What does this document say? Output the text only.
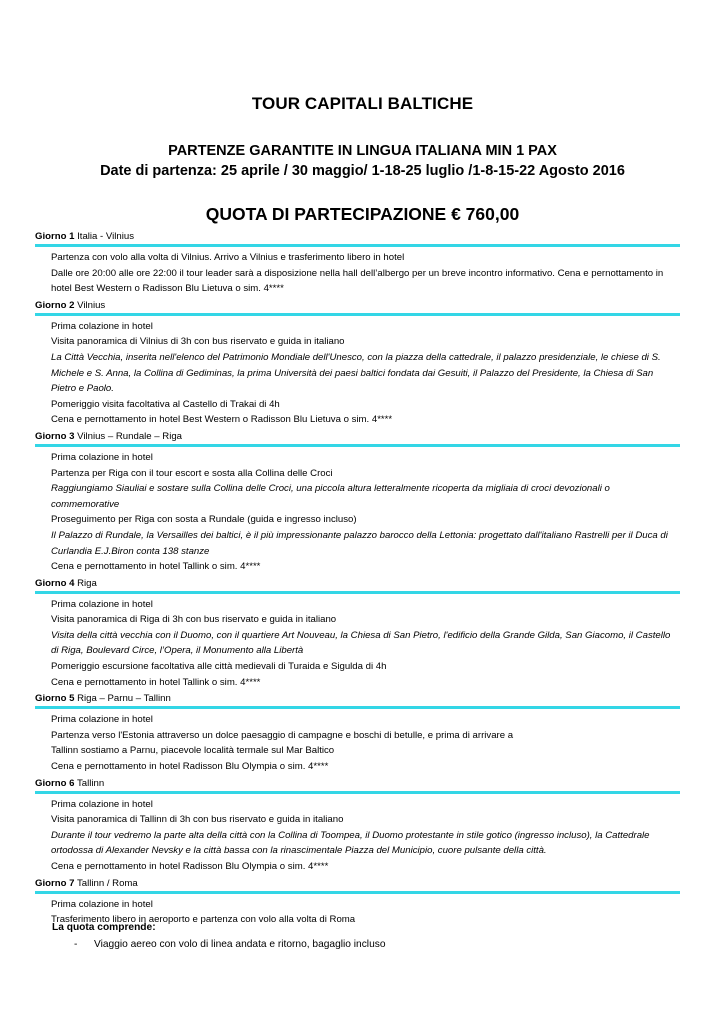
TOUR CAPITALI BALTICHE
PARTENZE GARANTITE IN LINGUA ITALIANA MIN 1 PAX
Date di partenza: 25 aprile / 30 maggio/ 1-18-25 luglio /1-8-15-22 Agosto 2016
QUOTA DI PARTECIPAZIONE € 760,00
Giorno 1 Italia - Vilnius
Partenza con volo alla volta di Vilnius. Arrivo a Vilnius e trasferimento libero in hotel
Dalle ore 20:00 alle ore 22:00 il tour leader sarà a disposizione nella hall dell’albergo per un breve incontro informativo. Cena e pernottamento in hotel Best Western o Radisson Blu Lietuva o sim. 4****
Giorno 2 Vilnius
Prima colazione in hotel
Visita panoramica di Vilnius di 3h con bus riservato e guida in italiano
La Città Vecchia, inserita nell'elenco del Patrimonio Mondiale dell'Unesco, con la piazza della cattedrale, il palazzo presidenziale, le chiese di S. Michele e S. Anna, la Collina di Gediminas, la prima Università dei paesi baltici fondata dai Gesuiti, il Palazzo del Presidente, la Chiesa di San Pietro e Paolo.
Pomeriggio visita facoltativa al Castello di Trakai di 4h
Cena e pernottamento in hotel Best Western o Radisson Blu Lietuva o sim. 4****
Giorno 3 Vilnius – Rundale – Riga
Prima colazione in hotel
Partenza per Riga con il tour escort e sosta alla Collina delle Croci
Raggiungiamo Siauliai e sostare sulla Collina delle Croci, una piccola altura letteralmente ricoperta da migliaia di croci devozionali o commemorative
Proseguimento per Riga con sosta a Rundale (guida e ingresso incluso)
Il Palazzo di Rundale, la Versailles dei baltici, è il più impressionante palazzo barocco della Lettonia: progettato dall'italiano Rastrelli per il Duca di Curlandia E.J.Biron conta 138 stanze
Cena e pernottamento in hotel Tallink o sim. 4****
Giorno 4 Riga
Prima colazione in hotel
Visita panoramica di Riga di 3h con bus riservato e guida in italiano
Visita della città vecchia con il Duomo, con il quartiere Art Nouveau, la Chiesa di San Pietro, l'edificio della Grande Gilda, San Giacomo, il Castello di Riga, Boulevard Circe, l’Opera, il Monumento alla Libertà
Pomeriggio escursione facoltativa alle città medievali di Turaida e Sigulda di 4h
Cena e pernottamento in hotel Tallink o sim. 4****
Giorno 5 Riga – Parnu – Tallinn
Prima colazione in hotel
Partenza verso l'Estonia attraverso un dolce paesaggio di campagne e boschi di betulle, e prima di arrivare a
Tallinn sostiamo a Parnu, piacevole località termale sul Mar Baltico
Cena e pernottamento in hotel Radisson Blu Olympia o sim. 4****
Giorno 6 Tallinn
Prima colazione in hotel
Visita panoramica di Tallinn di 3h con bus riservato e guida in italiano
Durante il tour vedremo la parte alta della città con la Collina di Toompea, il Duomo protestante in stile gotico (ingresso incluso), la Cattedrale ortodossa di Alexander Nevsky e la città bassa con la rinascimentale Piazza del Municipio, cuore pulsante della città.
Cena e pernottamento in hotel Radisson Blu Olympia o sim. 4****
Giorno 7 Tallinn / Roma
Prima colazione in hotel
Trasferimento libero in aeroporto e partenza con volo alla volta di Roma
La quota comprende:
-	Viaggio aereo con volo di linea andata e ritorno, bagaglio incluso
